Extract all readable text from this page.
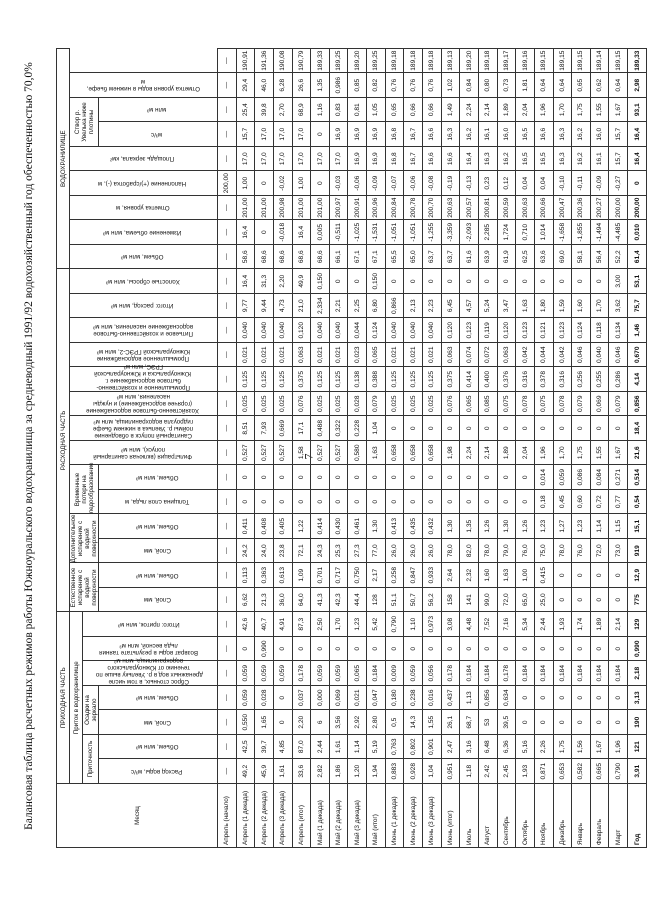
7
Балансовая таблица расчетных режимов работы Южноуральского водохранилища за средневодный 1991/92 водохозяйственный год обеспеченностью 70,0%	Месяц	ПРИХОДНАЯ ЧАСТЬ							РАСХОДНАЯ ЧАСТЬ														ВОДОХРАНИЛИЩЕ								
	Приток в водохранилище							Естественное испарение с водной поверхности		Дополнительное испарение с водной поверхности		Временные потери на ледообразование		Фильтрация (включая санитарный попуск), млн м³	Санитарный попуск в обводнение поймы р. Увелька в нижнем бьефе гидроузла водохранилища, млн м³	Хозяйственно-бытовое водоснабжение (горячее водоснабжение) и нужды населения, млн м³	Промышленное и хозяйственно-бытовое водоснабжение г. Южноуральска и Южноуральской ГРЭС, млн м³	Промышленное водоснабжение Южноуральской ГРЭС-2, млн м³	Питьевое и хозяйственно-бытовое водоснабжение населения, млн м³	Итого: расход, млн м³	Холостые сбросы, млн м³	Объем, млн м³	Изменение объема, млн м³	Отметка уровня, м	Наполнение (+)/сработка (-), м	Площадь зеркала, км²	Створ р. Увелька ниже плотины		Отметка уровня воды в нижнем бьефе, м
	Приточность		Осадки на зеркало		Сброс сточных, в том числе дренажных вод в р. Увельку выше по течению от Южноуральского водохранилища, млн м³	Возврат воды в результате таяния льда весной, млн м³	Итого: приток, млн м³																							
	Расход воды, м³/с	Объем, млн м³	Слой, мм	Объем, млн м³				Слой, мм	Объем, млн м³	Слой, мм	Объем, млн м³	Толщина слоя льда, м	Объем, млн м³														м³/с	млн м³		
Апрель (начало)	—	—	—	—	—	—	—	—	—	—	—	—	—	—	—	—	—	—	—	—	—	—	—	—	200,00	—	—	—	—	—
Апрель (1 декада)	49,2	42,5	0,550	0,059	0,059	0	42,6	6,62	0,113	24,2	0,411	0	0	0,527	8,51	0,025	0,125	0,021	0,040	9,77	16,4	58,6	16,4	201,00	1,00	17,0	15,7	25,4	29,4	190,91
Апрель (2 декада)	45,9	39,7	1,65	0,028	0,059	0,990	40,7	21,3	0,363	24,0	0,408	0	0	0,527	7,93	0,025	0,125	0,021	0,040	9,44	31,3	68,6	0	201,00	0	17,0	17,0	39,8	46,0	191,36
Апрель (3 декада)	1,61	4,85	0	0	0,059	0	4,91	36,0	0,613	23,8	0,405	0	0	0,527	0,669	0,025	0,125	0,021	0,040	4,73	2,20	68,6	-0,018	200,98	-0,02	17,0	17,0	2,70	6,28	190,08
Апрель (итог)	33,6	87,0	2,20	0,037	0,178	0	87,3	64,0	1,09	72,1	1,22	0	0	1,58	17,1	0,076	0,375	0,063	0,120	21,0	49,9	68,6	16,4	201,00	1,00	17,0	17,0	68,9	26,6	190,79
Май (1 декада)	2,82	2,44	6	0,000	0,059	0	2,50	41,3	0,701	24,3	0,414	0	0	0,527	0,488	0,025	0,125	0,021	0,040	2,334	0,150	68,6	0,005	201,00	0	17,0	0	1,16	1,35	189,33
Май (2 декада)	1,86	1,61	3,56	0,069	0,059	0	1,70	42,3	0,717	25,3	0,430	0	0	0,527	0,322	0,025	0,125	0,021	0,040	2,21	0	66,1	-0,511	200,97	-0,03	17,0	16,9	0,83	0,986	189,25
Май (3 декада)	1,20	1,14	2,92	0,021	0,065	0	1,23	44,4	0,750	27,3	0,461	0	0	0,580	0,228	0,028	0,138	0,023	0,044	2,25	0	67,1	-1,025	200,91	-0,06	16,9	16,9	0,81	0,85	189,20
Май (итог)	1,94	5,19	2,80	0,047	0,184	0	5,42	128	2,17	77,0	1,30	0	0	1,63	1,04	0,079	0,388	0,065	0,124	6,80	0,150	67,1	-1,531	200,96	-0,09	16,9	16,9	1,05	0,82	189,25
Июнь (1 декада)	0,883	0,763	0,5	0,180	0,009	0	0,790	51,1	0,258	26,0	0,413	0	0	0,658	0	0,025	0,125	0,021	0,040	0,866	0	65,5	-1,051	200,84	-0,07	16,8	16,8	0,65	0,76	189,18
Июнь (2 декада)	0,928	0,802	14,3	0,238	0,059	0	1,10	50,7	0,847	26,0	0,435	0	0	0,658	0	0,025	0,125	0,021	0,040	2,13	0	65,0	-1,051	200,78	-0,06	16,7	16,7	0,66	0,76	189,18
Июнь (3 декада)	1,04	0,901	1,55	0,016	0,056	0	0,973	56,2	0,933	26,0	0,432	0	0	0,658	0	0,025	0,125	0,021	0,040	2,23	0	63,7	-1,255	200,70	-0,08	16,6	16,6	0,66	0,76	189,18
Июнь (итог)	0,951	2,47	26,1	0,437	0,178	0	3,08	158	2,64	78,0	1,30	0	0	1,98	0	0,076	0,375	0,063	0,120	6,45	0	63,7	-3,359	200,63	-0,19	16,6	16,3	1,49	1,02	189,13
Июль	1,18	3,16	68,7	1,13	0,184	0	4,48	141	2,32	82,0	1,35	0	0	2,24	0	0,065	0,414	0,074	0,123	4,57	0	61,6	-2,093	200,57	-0,13	16,4	16,2	2,24	0,84	189,20
Август	2,42	6,48	53	0,856	0,184	0	7,52	99,0	1,60	78,0	1,26	0	0	2,14	0	0,085	0,400	0,072	0,119	5,24	0	63,9	2,285	200,81	0,23	16,3	16,1	2,14	0,80	189,18
Сентябрь	2,45	6,36	39,5	0,634	0,178	0	7,16	72,0	1,63	79,0	1,30	0	0	1,89	0	0,075	0,376	0,063	0,120	3,47	0	61,9	1,724	200,59	0,12	16,2	16,0	1,89	0,73	189,17
Октябрь	1,93	5,16	0	0	0,184	0	5,34	65,0	1,00	76,0	1,26	0	0	2,04	0	0,078	0,316	0,042	0,123	1,63	0	62,5	0,710	200,63	0,04	16,5	16,5	2,04	1,81	189,16
Ноябрь	0,871	2,26	0	0	0,184	0	2,44	25,0	0,415	75,0	1,23	0,18	0,014	1,96	0	0,075	0,378	0,044	0,121	1,80	0	63,6	1,014	200,66	0,04	16,5	16,6	1,96	0,64	189,15
Декабрь	0,653	1,75	0	0	0,184	0	1,93	0	0	78,0	1,27	0,45	0,059	1,70	0	0,078	0,316	0,042	0,123	1,59	0	69,0	-1,658	200,47	-0,10	16,3	16,3	1,70	0,64	189,15
Январь	0,582	1,56	0	0	0,184	0	1,74	0	0	76,0	1,23	0,60	0,086	1,75	0	0,079	0,256	0,046	0,124	1,60	0	58,1	-1,855	200,36	-0,11	16,2	16,2	1,75	0,65	189,15
Февраль	0,665	1,67	0	0	0,184	0	1,89	0	0	72,0	1,14	0,72	0,084	1,55	0	0,069	0,255	0,040	0,118	1,70	0	56,4	-1,494	200,27	-0,09	16,1	16,0	1,55	0,62	189,14
Март	0,790	1,96	0	0	0,184	0	2,14	0	0	73,0	1,15	0,77	0,271	1,67	0	0,079	0,286	0,046	0,134	3,62	3,00	52,2	-4,485	200,00	-0,27	15,7	15,7	1,67	0,64	189,15
Год	3,91	121	190	3,13	2,18	0,990	129	775	12,9	919	15,1	0,54	0,514	21,6	18,4	0,856	4,14	0,670	1,46	75,7	53,1	61,4	0,010	200,00	0	16,4	16,4	93,1	2,98	189,33
